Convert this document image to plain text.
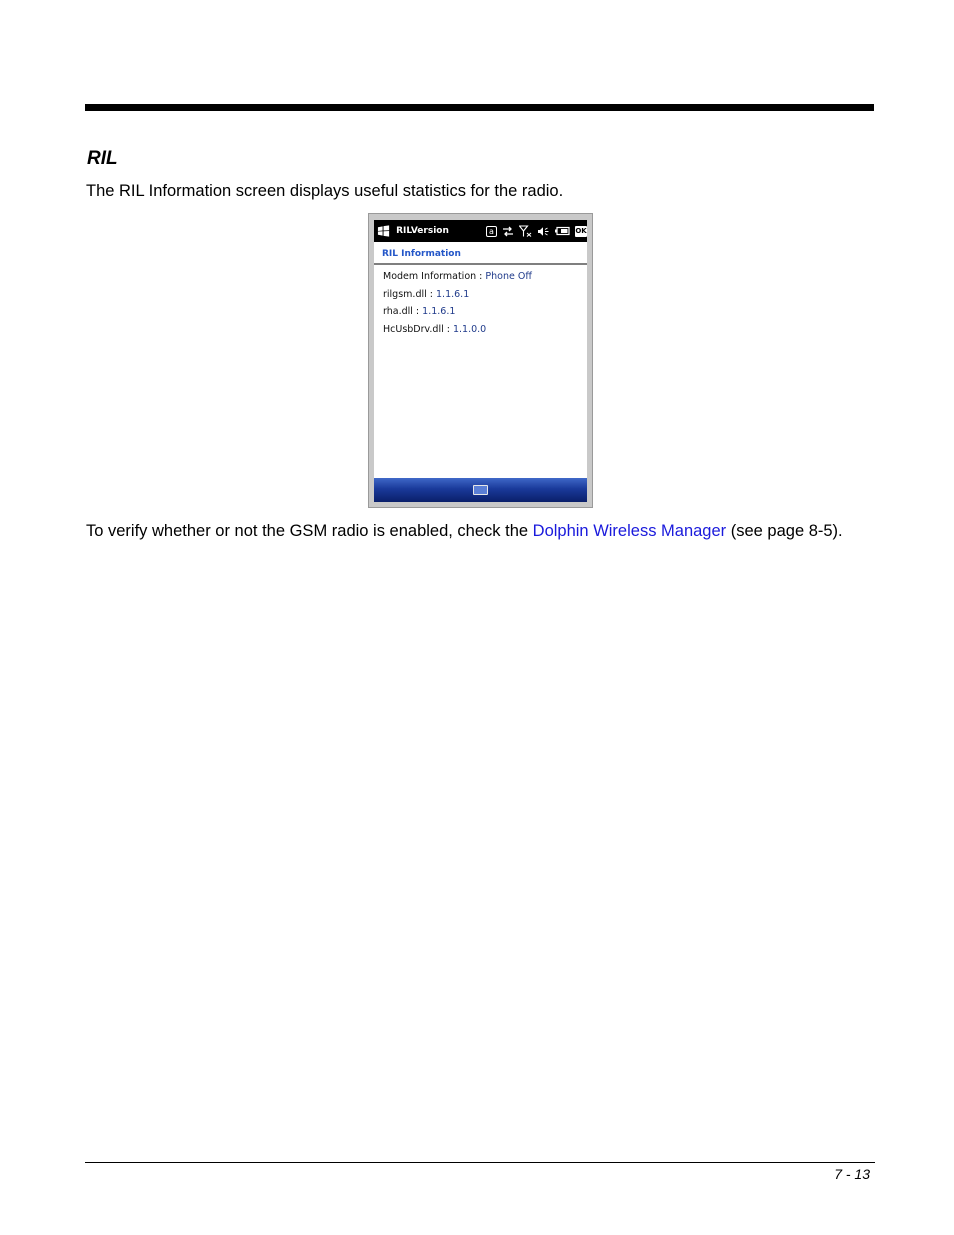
RIL

The RIL Information screen displays useful statistics for the radio.

RILVersion	a	OK
RIL Information
Modem Information : Phone Off
rilgsm.dll : 1.1.6.1
rha.dll : 1.1.6.1
HcUsbDrv.dll : 1.1.0.0

To verify whether or not the GSM radio is enabled, check the Dolphin Wireless Manager (see page 8-5).

7 - 13
